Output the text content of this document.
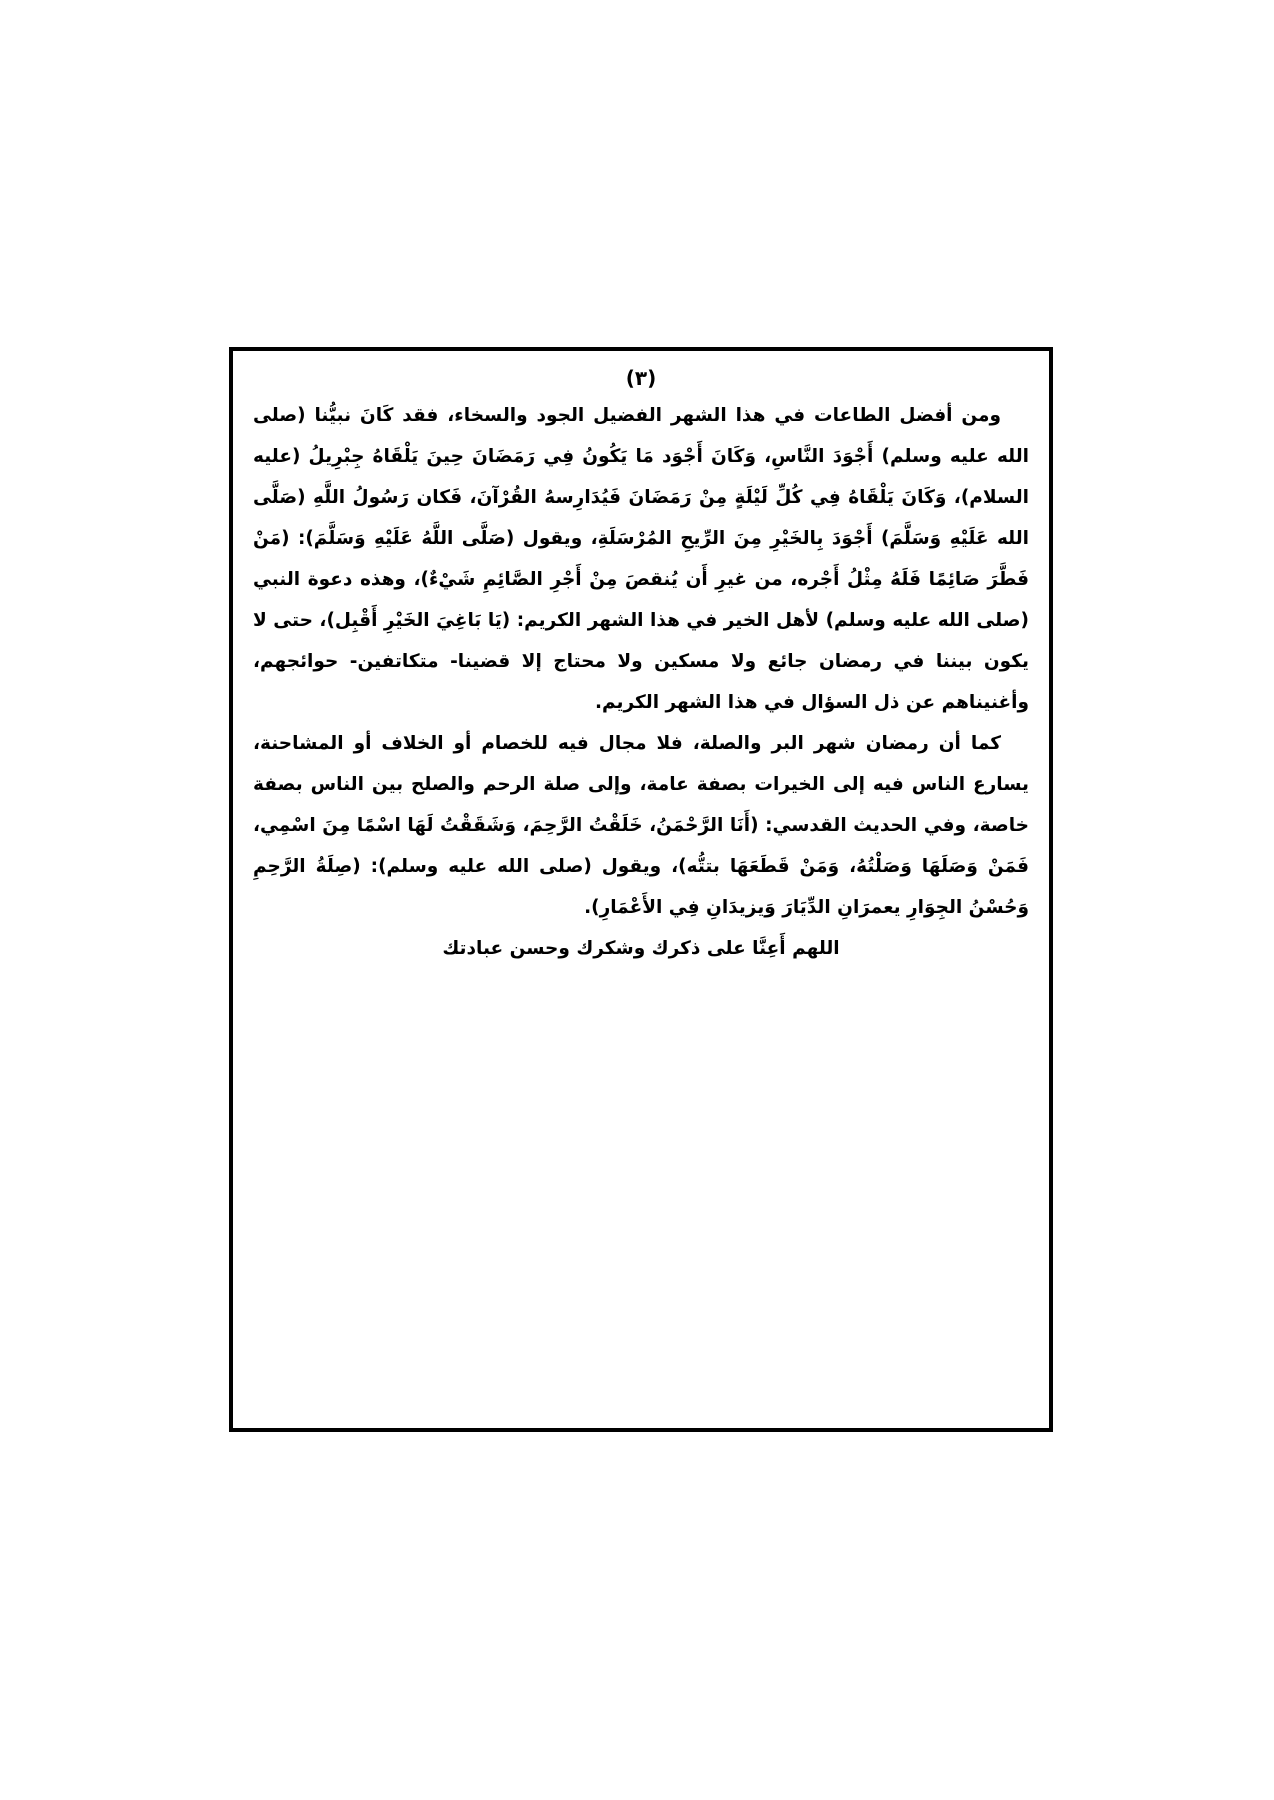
(٣)

ومن أفضل الطاعات في هذا الشهر الفضيل الجود والسخاء، فقد كَانَ نبيُّنا (صلى الله عليه وسلم) أَجْوَدَ النَّاسِ، وَكَانَ أَجْوَد مَا يَكُونُ فِي رَمَضَانَ حِينَ يَلْقَاهُ جِبْرِيلُ (عليه السلام)، وَكَانَ يَلْقَاهُ فِي كُلِّ لَيْلَةٍ مِنْ رَمَضَانَ فَيُدَارِسهُ القُرْآنَ، فَكان رَسُولُ اللَّهِ (صَلَّى الله عَلَيْهِ وَسَلَّمَ) أَجْوَدَ بِالخَيْرِ مِنَ الرِّيحِ المُرْسَلَةِ، ويقول (صَلَّى اللَّهُ عَلَيْهِ وَسَلَّمَ): (مَنْ فَطَّرَ صَائِمًا فَلَهُ مِثْلُ أَجْره، من غيرِ أَن يُنقصَ مِنْ أَجْرِ الصَّائِمِ شَيْءٌ)، وهذه دعوة النبي (صلى الله عليه وسلم) لأهل الخير في هذا الشهر الكريم: (يَا بَاغِيَ الخَيْرِ أَقْبِل)، حتى لا يكون بيننا في رمضان جائع ولا مسكين ولا محتاج إلا قضينا- متكاتفين- حوائجهم، وأغنيناهم عن ذل السؤال في هذا الشهر الكريم.

كما أن رمضان شهر البر والصلة، فلا مجال فيه للخصام أو الخلاف أو المشاحنة، يسارع الناس فيه إلى الخيرات بصفة عامة، وإلى صلة الرحم والصلح بين الناس بصفة خاصة، وفي الحديث القدسي: (أَنَا الرَّحْمَنُ، خَلَقْتُ الرَّحِمَ، وَشَقَقْتُ لَهَا اسْمًا مِنَ اسْمِي، فَمَنْ وَصَلَهَا وَصَلْتُهُ، وَمَنْ قَطَعَهَا بتتُّه)، ويقول (صلى الله عليه وسلم): (صِلَةُ الرَّحِمِ وَحُسْنُ الجِوَارِ يعمرَانِ الدِّيَارَ وَيزيدَانِ فِي الأَعْمَارِ).

اللهم أَعِنَّا على ذكرك وشكرك وحسن عبادتك
